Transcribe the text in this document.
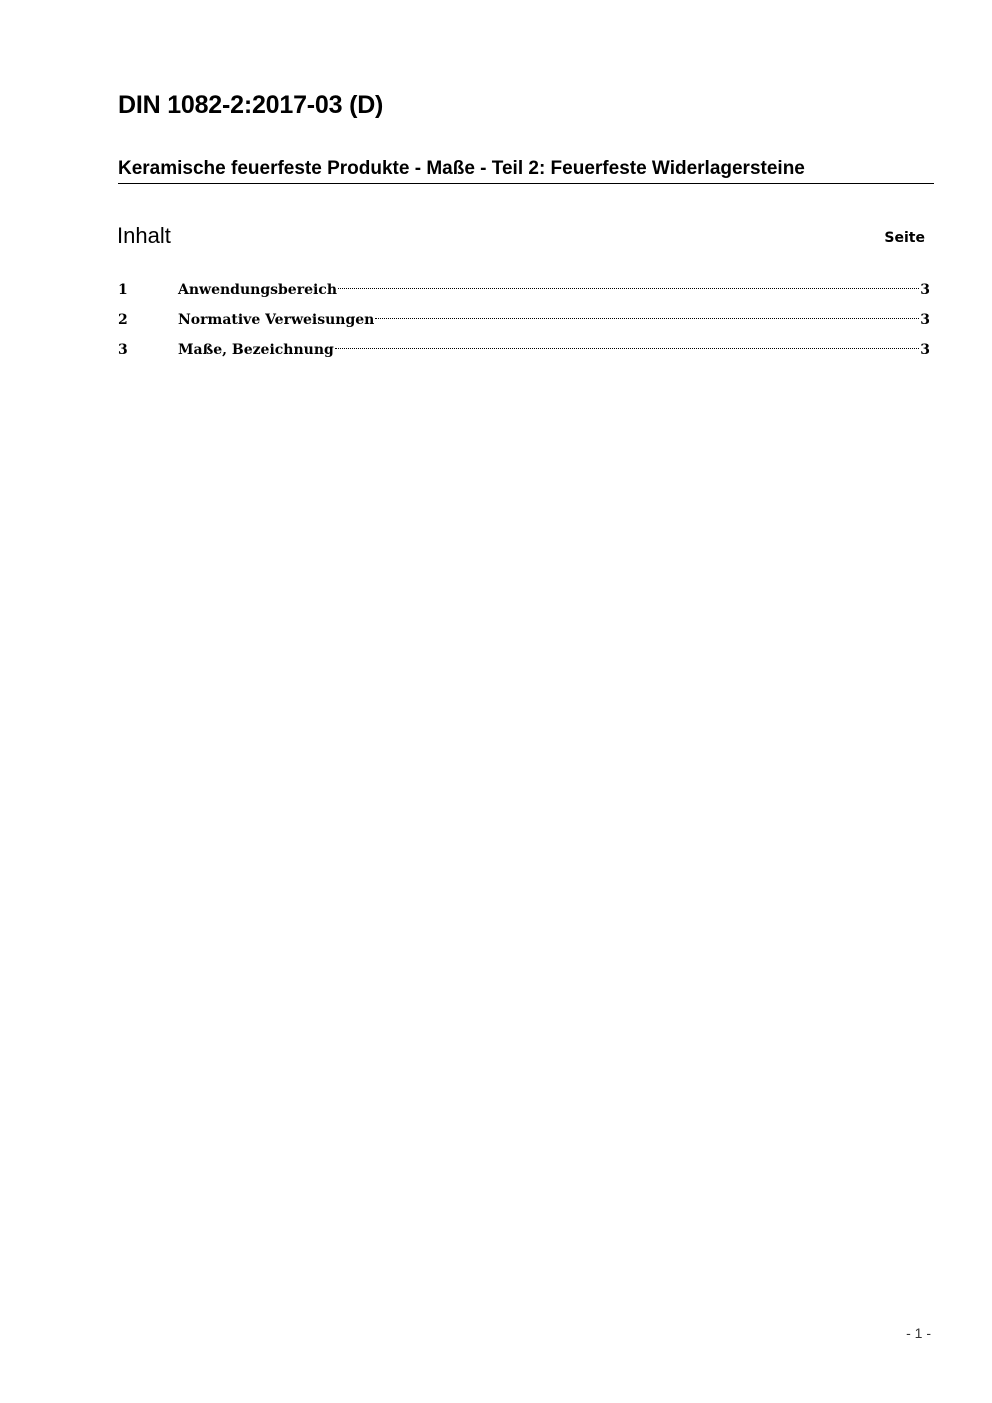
DIN 1082-2:2017-03 (D)
Keramische feuerfeste Produkte - Maße - Teil 2: Feuerfeste Widerlagersteine
Inhalt	Seite
1	Anwendungsbereich	3
2	Normative Verweisungen	3
3	Maße, Bezeichnung	3
- 1 -
